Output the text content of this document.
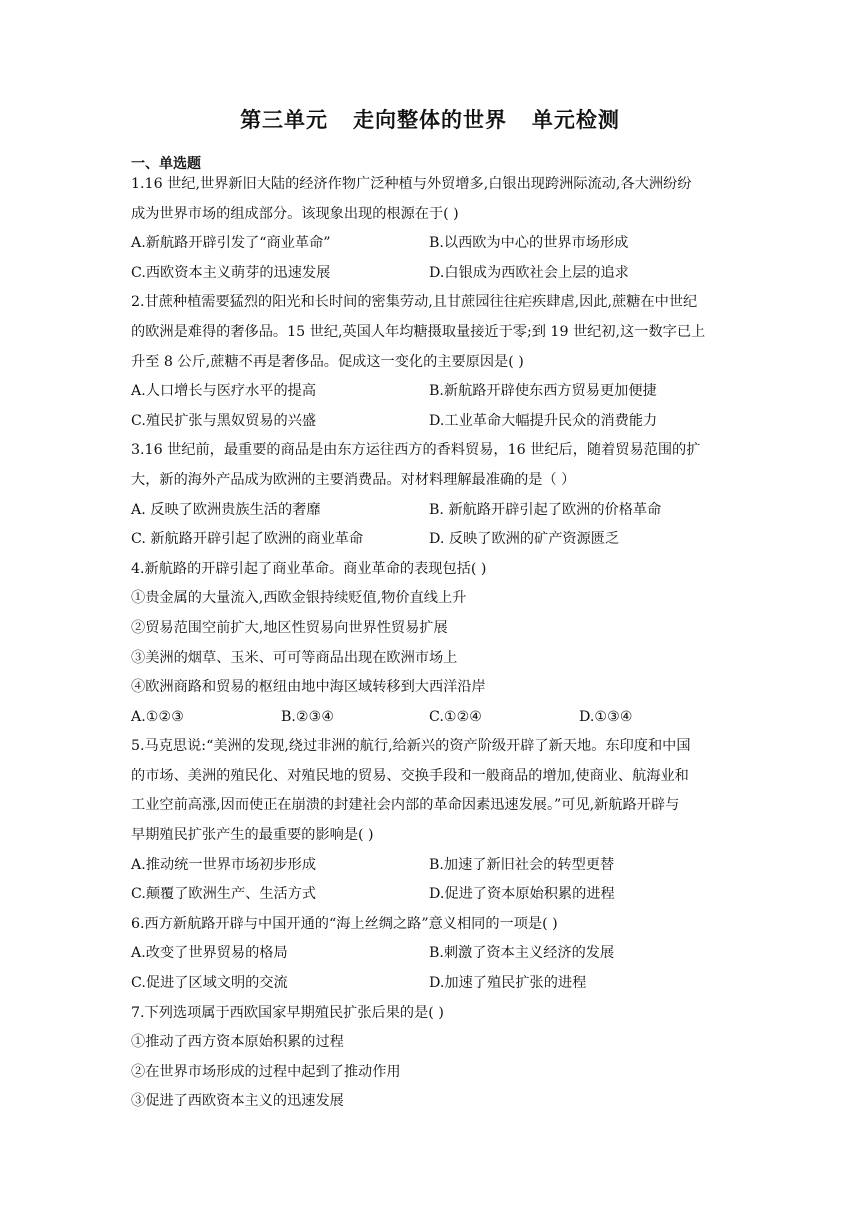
第三单元   走向整体的世界   单元检测
一、单选题
1.16 世纪,世界新旧大陆的经济作物广泛种植与外贸增多,白银出现跨洲际流动,各大洲纷纷
成为世界市场的组成部分。该现象出现的根源在于( )
A.新航路开辟引发了“商业革命”	B.以西欧为中心的世界市场形成
C.西欧资本主义萌芽的迅速发展	D.白银成为西欧社会上层的追求
2.甘蔗种植需要猛烈的阳光和长时间的密集劳动,且甘蔗园往往疟疾肆虐,因此,蔗糖在中世纪
的欧洲是难得的奢侈品。15 世纪,英国人年均糖摄取量接近于零;到 19 世纪初,这一数字已上
升至 8 公斤,蔗糖不再是奢侈品。促成这一变化的主要原因是( )
A.人口增长与医疗水平的提高	B.新航路开辟使东西方贸易更加便捷
C.殖民扩张与黑奴贸易的兴盛	D.工业革命大幅提升民众的消费能力
3.16 世纪前，最重要的商品是由东方运往西方的香料贸易，16 世纪后，随着贸易范围的扩
大，新的海外产品成为欧洲的主要消费品。对材料理解最准确的是（ ）
A. 反映了欧洲贵族生活的奢靡	B. 新航路开辟引起了欧洲的价格革命
C. 新航路开辟引起了欧洲的商业革命	D. 反映了欧洲的矿产资源匮乏
4.新航路的开辟引起了商业革命。商业革命的表现包括( )
①贵金属的大量流入,西欧金银持续贬值,物价直线上升
②贸易范围空前扩大,地区性贸易向世界性贸易扩展
③美洲的烟草、玉米、可可等商品出现在欧洲市场上
④欧洲商路和贸易的枢纽由地中海区域转移到大西洋沿岸
A.①②③	B.②③④	C.①②④	D.①③④
5.马克思说:“美洲的发现,绕过非洲的航行,给新兴的资产阶级开辟了新天地。东印度和中国
的市场、美洲的殖民化、对殖民地的贸易、交换手段和一般商品的增加,使商业、航海业和
工业空前高涨,因而使正在崩溃的封建社会内部的革命因素迅速发展。”可见,新航路开辟与
早期殖民扩张产生的最重要的影响是( )
A.推动统一世界市场初步形成	B.加速了新旧社会的转型更替
C.颠覆了欧洲生产、生活方式	D.促进了资本原始积累的进程
6.西方新航路开辟与中国开通的“海上丝绸之路”意义相同的一项是( )
A.改变了世界贸易的格局	B.刺激了资本主义经济的发展
C.促进了区域文明的交流	D.加速了殖民扩张的进程
7.下列选项属于西欧国家早期殖民扩张后果的是( )
①推动了西方资本原始积累的过程
②在世界市场形成的过程中起到了推动作用
③促进了西欧资本主义的迅速发展
